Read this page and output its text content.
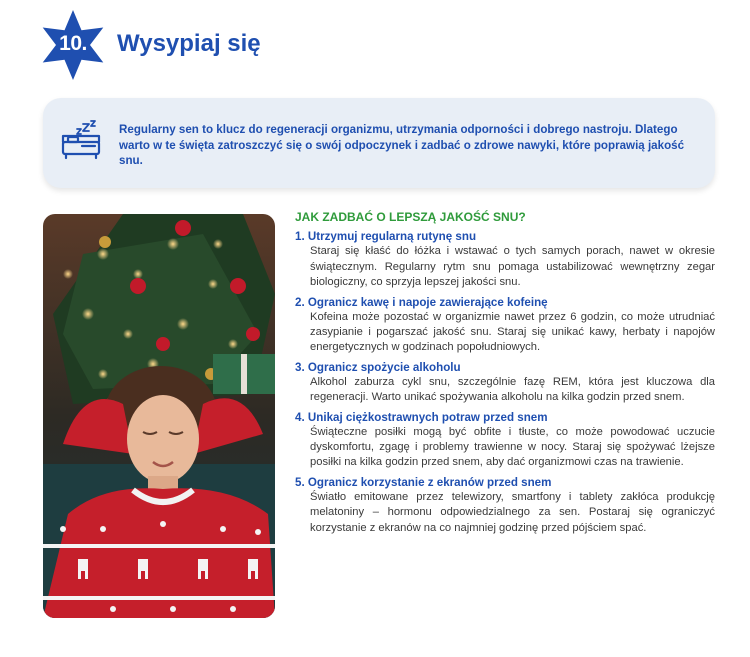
10.	Wysypiaj się
Regularny sen to klucz do regeneracji organizmu, utrzymania odporności i dobrego nastroju. Dlatego warto w te święta zatroszczyć się o swój odpoczynek i zadbać o zdrowe nawyki, które poprawią jakość snu.
JAK ZADBAĆ O LEPSZĄ JAKOŚĆ SNU?
1. Utrzymuj regularną rutynę snu
Staraj się kłaść do łóżka i wstawać o tych samych porach, nawet w okresie świątecznym. Regularny rytm snu pomaga ustabilizować wewnętrzny zegar biologiczny, co sprzyja lepszej jakości snu.
2. Ogranicz kawę i napoje zawierające kofeinę
Kofeina może pozostać w organizmie nawet przez 6 godzin, co może utrudniać zasypianie i pogarszać jakość snu. Staraj się unikać kawy, herbaty i napojów energetycznych w godzinach popołudniowych.
3. Ogranicz spożycie alkoholu
Alkohol zaburza cykl snu, szczególnie fazę REM, która jest kluczowa dla regeneracji. Warto unikać spożywania alkoholu na kilka godzin przed snem.
4. Unikaj ciężkostrawnych potraw przed snem
Świąteczne posiłki mogą być obfite i tłuste, co może powodować uczucie dyskomfortu, zgagę i problemy trawienne w nocy. Staraj się spożywać lżejsze posiłki na kilka godzin przed snem, aby dać organizmowi czas na trawienie.
5. Ogranicz korzystanie z ekranów przed snem
Światło emitowane przez telewizory, smartfony i tablety zakłóca produkcję melatoniny – hormonu odpowiedzialnego za sen. Postaraj się ograniczyć korzystanie z ekranów na co najmniej godzinę przed pójściem spać.
